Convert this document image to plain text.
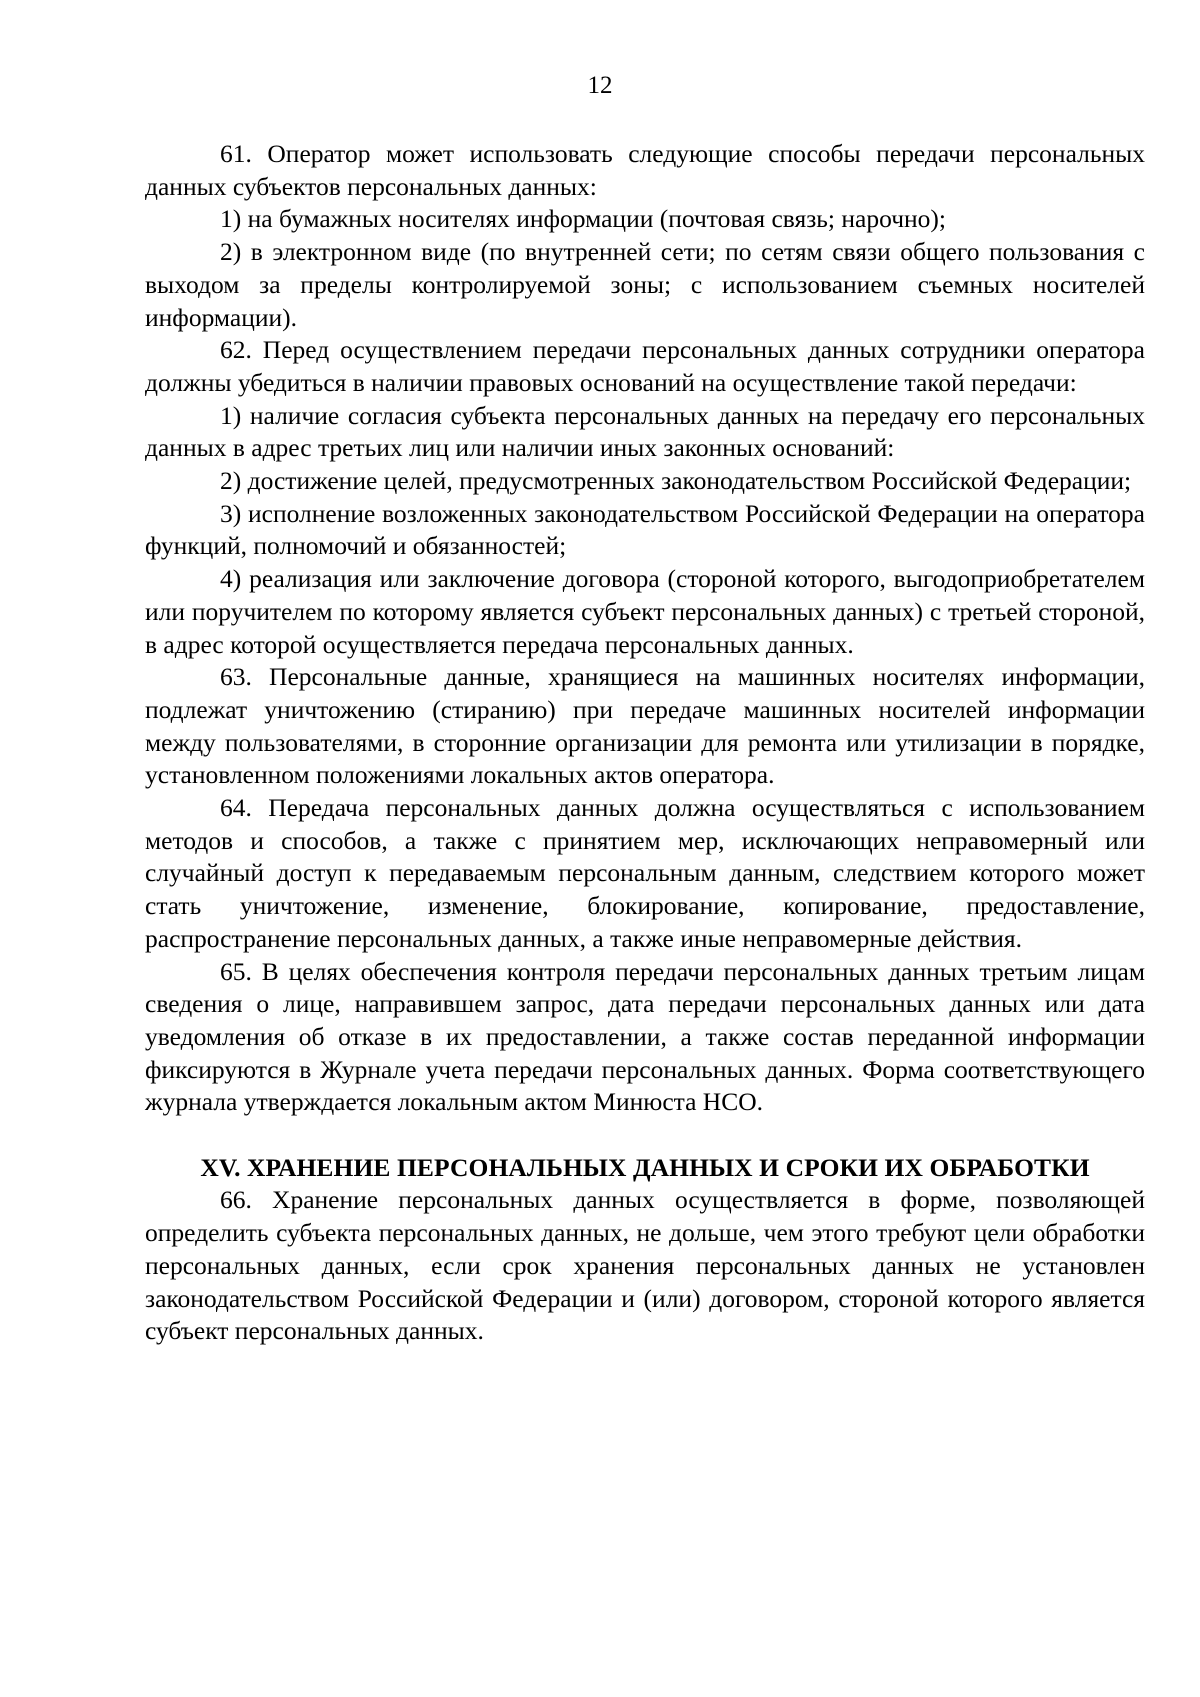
12

61. Оператор может использовать следующие способы передачи персональных данных субъектов персональных данных:

1) на бумажных носителях информации (почтовая связь; нарочно);

2) в электронном виде (по внутренней сети; по сетям связи общего пользования с выходом за пределы контролируемой зоны; с использованием съемных носителей информации).

62. Перед осуществлением передачи персональных данных сотрудники оператора должны убедиться в наличии правовых оснований на осуществление такой передачи:

1) наличие согласия субъекта персональных данных на передачу его персональных данных в адрес третьих лиц или наличии иных законных оснований:

2) достижение целей, предусмотренных законодательством Российской Федерации;

3) исполнение возложенных законодательством Российской Федерации на оператора функций, полномочий и обязанностей;

4) реализация или заключение договора (стороной которого, выгодоприобретателем или поручителем по которому является субъект персональных данных) с третьей стороной, в адрес которой осуществляется передача персональных данных.

63. Персональные данные, хранящиеся на машинных носителях информации, подлежат уничтожению (стиранию) при передаче машинных носителей информации между пользователями, в сторонние организации для ремонта или утилизации в порядке, установленном положениями локальных актов оператора.

64. Передача персональных данных должна осуществляться с использованием методов и способов, а также с принятием мер, исключающих неправомерный или случайный доступ к передаваемым персональным данным, следствием которого может стать уничтожение, изменение, блокирование, копирование, предоставление, распространение персональных данных, а также иные неправомерные действия.

65. В целях обеспечения контроля передачи персональных данных третьим лицам сведения о лице, направившем запрос, дата передачи персональных данных или дата уведомления об отказе в их предоставлении, а также состав переданной информации фиксируются в Журнале учета передачи персональных данных. Форма соответствующего журнала утверждается локальным актом Минюста НСО.

XV. ХРАНЕНИЕ ПЕРСОНАЛЬНЫХ ДАННЫХ И СРОКИ ИХ ОБРАБОТКИ

66. Хранение персональных данных осуществляется в форме, позволяющей определить субъекта персональных данных, не дольше, чем этого требуют цели обработки персональных данных, если срок хранения персональных данных не установлен законодательством Российской Федерации и (или) договором, стороной которого является субъект персональных данных.
